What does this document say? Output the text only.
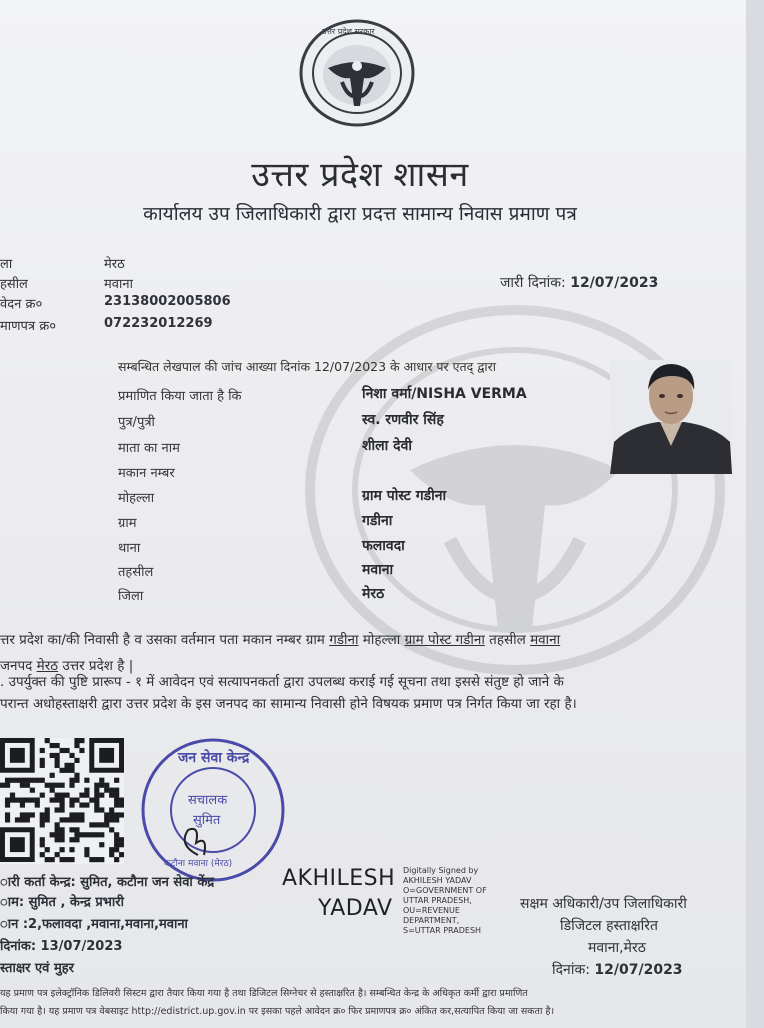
उत्तर प्रदेश सरकार
उत्तर प्रदेश शासन
कार्यालय उप जिलाधिकारी द्वारा प्रदत्त सामान्य निवास प्रमाण पत्र
ला	मेरठ
हसील	मवाना
वेदन क्र०	23138002005806
माणपत्र क्र०	072232012269
जारी दिनांक: 12/07/2023
सम्बन्धित लेखपाल की जांच आख्या दिनांक 12/07/2023 के आधार पर एतद् द्वारा
प्रमाणित किया जाता है कि	निशा वर्मा/NISHA VERMA
पुत्र/पुत्री	स्व. रणवीर सिंह
माता का नाम	शीला देवी
मकान नम्बर
मोहल्ला	ग्राम पोस्ट गडीना
ग्राम	गडीना
थाना	फलावदा
तहसील	मवाना
जिला	मेरठ
त्तर प्रदेश का/की निवासी है व उसका वर्तमान पता मकान नम्बर ग्राम गडीना मोहल्ला ग्राम पोस्ट गडीना तहसील मवाना
जनपद मेरठ उत्तर प्रदेश है |
. उपर्युक्त की पुष्टि प्रारूप - १ में आवेदन एवं सत्यापनकर्ता द्वारा उपलब्ध कराई गई सूचना तथा इससे संतुष्ट हो जाने के
परान्त अधोहस्ताक्षरी द्वारा उत्तर प्रदेश के इस जनपद का सामान्य निवासी होने विषयक प्रमाण पत्र निर्गत किया जा रहा है।
जन सेवा केन्द्र
सचालक
सुमित
कटौना मवाना (मेरठ)
ारी कर्ता केन्द्र: सुमित, कटौना जन सेवा केंद्र
ाम: सुमित , केन्द्र प्रभारी
ान :2,फलावदा ,मवाना,मवाना,मवाना
दिनांक: 13/07/2023
स्ताक्षर एवं मुहर
AKHILESH
YADAV
Digitally Signed by
AKHILESH YADAV
O=GOVERNMENT OF
UTTAR PRADESH,
OU=REVENUE
DEPARTMENT,
S=UTTAR PRADESH
सक्षम अधिकारी/उप जिलाधिकारी
डिजिटल हस्ताक्षरित
मवाना,मेरठ
दिनांक: 12/07/2023
यह प्रमाण पत्र इलेक्ट्रॉनिक डिलिवरी सिस्टम द्वारा तैयार किया गया है तथा डिजिटल सिग्नेचर से हस्ताक्षरित है। सम्बन्धित केन्द्र के अधिकृत कर्मी द्वारा प्रमाणित
किया गया है। यह प्रमाण पत्र वेबसाइट http://edistrict.up.gov.in पर इसका पहले आवेदन क्र० फिर प्रमाणपत्र क्र० अंकित कर,सत्यापित किया जा सकता है।
